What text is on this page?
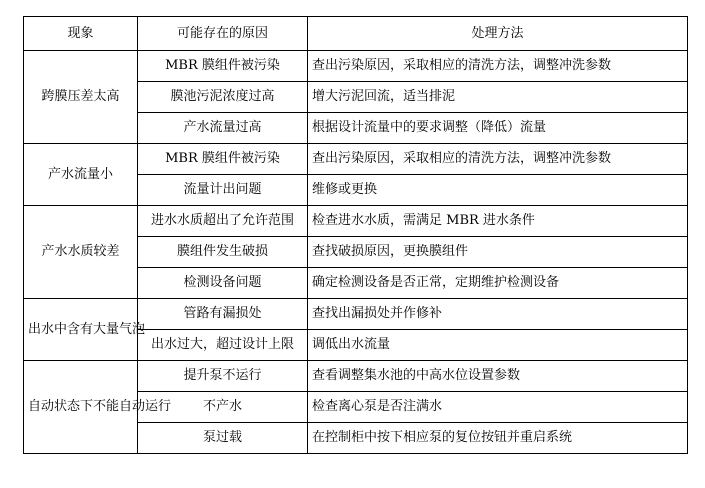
现象	可能存在的原因	处理方法
跨膜压差太高	MBR 膜组件被污染	查出污染原因，采取相应的清洗方法，调整冲洗参数
	膜池污泥浓度过高	增大污泥回流，适当排泥
	产水流量过高	根据设计流量中的要求调整（降低）流量
产水流量小	MBR 膜组件被污染	查出污染原因，采取相应的清洗方法，调整冲洗参数
	流量计出问题	维修或更换
产水水质较差	进水水质超出了允许范围	检查进水水质，需满足 MBR 进水条件
	膜组件发生破损	查找破损原因，更换膜组件
	检测设备问题	确定检测设备是否正常，定期维护检测设备
出水中含有大量气泡	管路有漏损处	查找出漏损处并作修补
	出水过大，超过设计上限	调低出水流量
自动状态下不能自动运行	提升泵不运行	查看调整集水池的中高水位设置参数
	不产水	检查离心泵是否注满水
	泵过载	在控制柜中按下相应泵的复位按钮并重启系统
